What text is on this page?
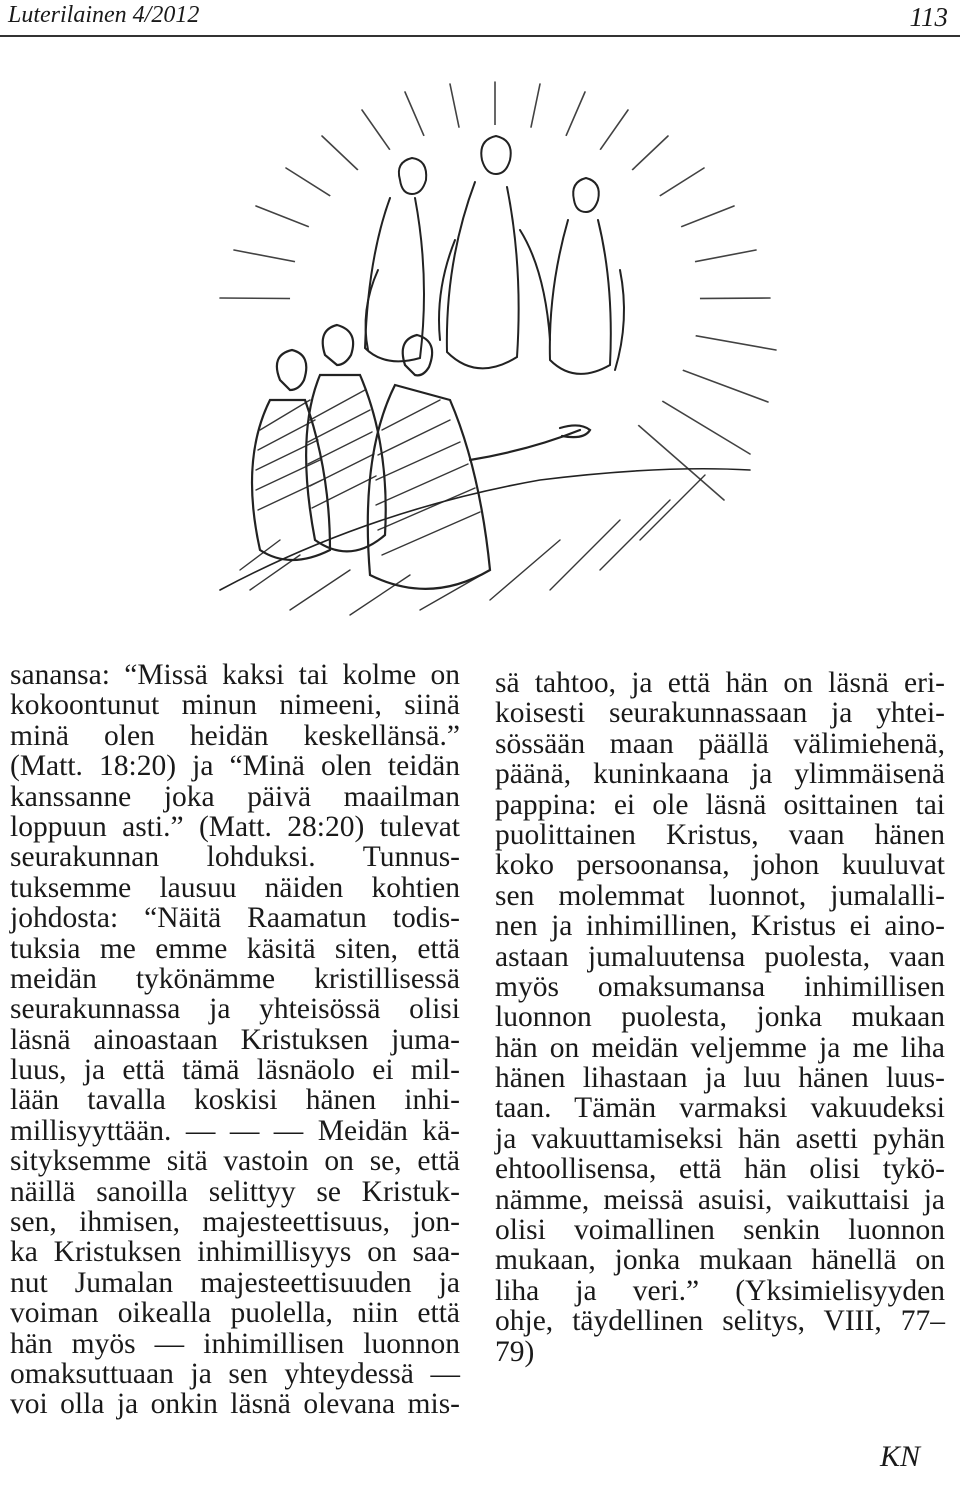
Luterilainen 4/2012	113
sanansa: “Missä kaksi tai kolme on
kokoontunut minun nimeeni, siinä
minä olen heidän keskellänsä.”
(Matt. 18:20) ja “Minä olen teidän
kanssanne joka päivä maailman
loppuun asti.” (Matt. 28:20) tulevat
seurakunnan lohduksi. Tunnus-
tuksemme lausuu näiden kohtien
johdosta: “Näitä Raamatun todis-
tuksia me emme käsitä siten, että
meidän tykönämme kristillisessä
seurakunnassa ja yhteisössä olisi
läsnä ainoastaan Kristuksen juma-
luus, ja että tämä läsnäolo ei mil-
lään tavalla koskisi hänen inhi-
millisyyttään. — — — Meidän kä-
sityksemme sitä vastoin on se, että
näillä sanoilla selittyy se Kristuk-
sen, ihmisen, majesteettisuus, jon-
ka Kristuksen inhimillisyys on saa-
nut Jumalan majesteettisuuden ja
voiman oikealla puolella, niin että
hän myös — inhimillisen luonnon
omaksuttuaan ja sen yhteydessä —
voi olla ja onkin läsnä olevana mis-
sä tahtoo, ja että hän on läsnä eri-
koisesti seurakunnassaan ja yhtei-
sössään maan päällä välimiehenä,
päänä, kuninkaana ja ylimmäisenä
pappina: ei ole läsnä osittainen tai
puolittainen Kristus, vaan hänen
koko persoonansa, johon kuuluvat
sen molemmat luonnot, jumalalli-
nen ja inhimillinen, Kristus ei aino-
astaan jumaluutensa puolesta, vaan
myös omaksumansa inhimillisen
luonnon puolesta, jonka mukaan
hän on meidän veljemme ja me liha
hänen lihastaan ja luu hänen luus-
taan. Tämän varmaksi vakuudeksi
ja vakuuttamiseksi hän asetti pyhän
ehtoollisensa, että hän olisi tykö-
nämme, meissä asuisi, vaikuttaisi ja
olisi voimallinen senkin luonnon
mukaan, jonka mukaan hänellä on
liha ja veri.” (Yksimielisyyden
ohje, täydellinen selitys, VIII, 77–
79)
KN
